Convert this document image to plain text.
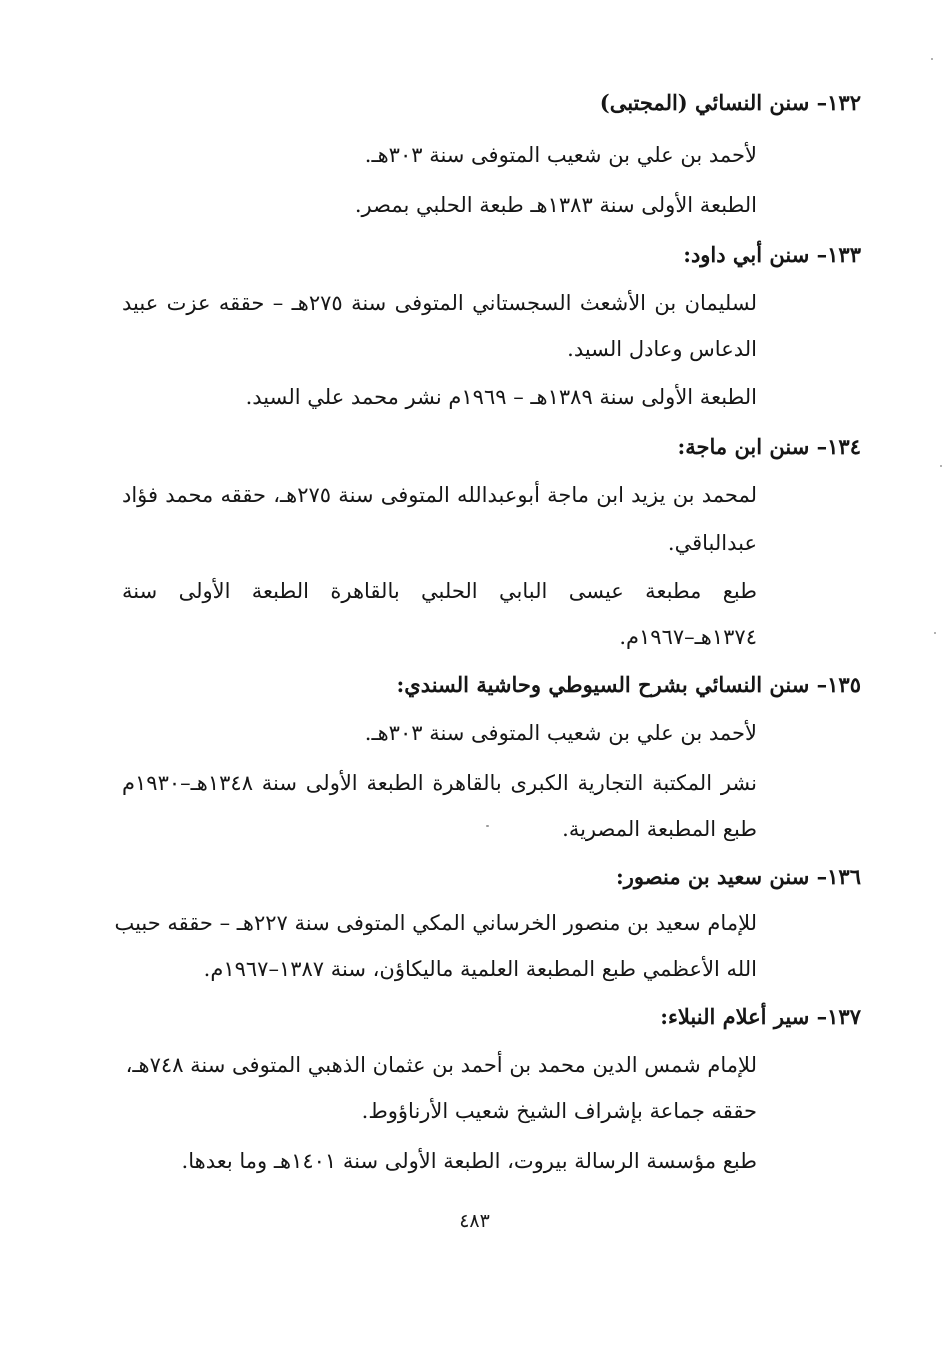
١٣٢– سنن النسائي (المجتبى)
لأحمد بن علي بن شعيب المتوفى سنة ٣٠٣هـ.
الطبعة الأولى سنة ١٣٨٣هـ طبعة الحلبي بمصر.
١٣٣– سنن أبي داود:
لسليمان بن الأشعث السجستاني المتوفى سنة ٢٧٥هـ – حققه عزت عبيد
الدعاس وعادل السيد.
الطبعة الأولى سنة ١٣٨٩هـ – ١٩٦٩م نشر محمد علي السيد.
١٣٤– سنن ابن ماجة:
لمحمد بن يزيد ابن ماجة أبوعبدالله المتوفى سنة ٢٧٥هـ، حققه محمد فؤاد
عبدالباقي.
طبع مطبعة عيسى البابي الحلبي بالقاهرة الطبعة الأولى سنة
١٣٧٤هـ–١٩٦٧م.
١٣٥– سنن النسائي بشرح السيوطي وحاشية السندي:
لأحمد بن علي بن شعيب المتوفى سنة ٣٠٣هـ.
نشر المكتبة التجارية الكبرى بالقاهرة الطبعة الأولى سنة ١٣٤٨هـ–١٩٣٠م
طبع المطبعة المصرية.
١٣٦– سنن سعيد بن منصور:
للإمام سعيد بن منصور الخرساني المكي المتوفى سنة ٢٢٧هـ – حققه حبيب
الله الأعظمي طبع المطبعة العلمية ماليكاؤن، سنة ١٣٨٧–١٩٦٧م.
١٣٧– سير أعلام النبلاء:
للإمام شمس الدين محمد بن أحمد بن عثمان الذهبي المتوفى سنة ٧٤٨هـ،
حققه جماعة بإشراف الشيخ شعيب الأرناؤوط.
طبع مؤسسة الرسالة بيروت، الطبعة الأولى سنة ١٤٠١هـ وما بعدها.
٤٨٣
